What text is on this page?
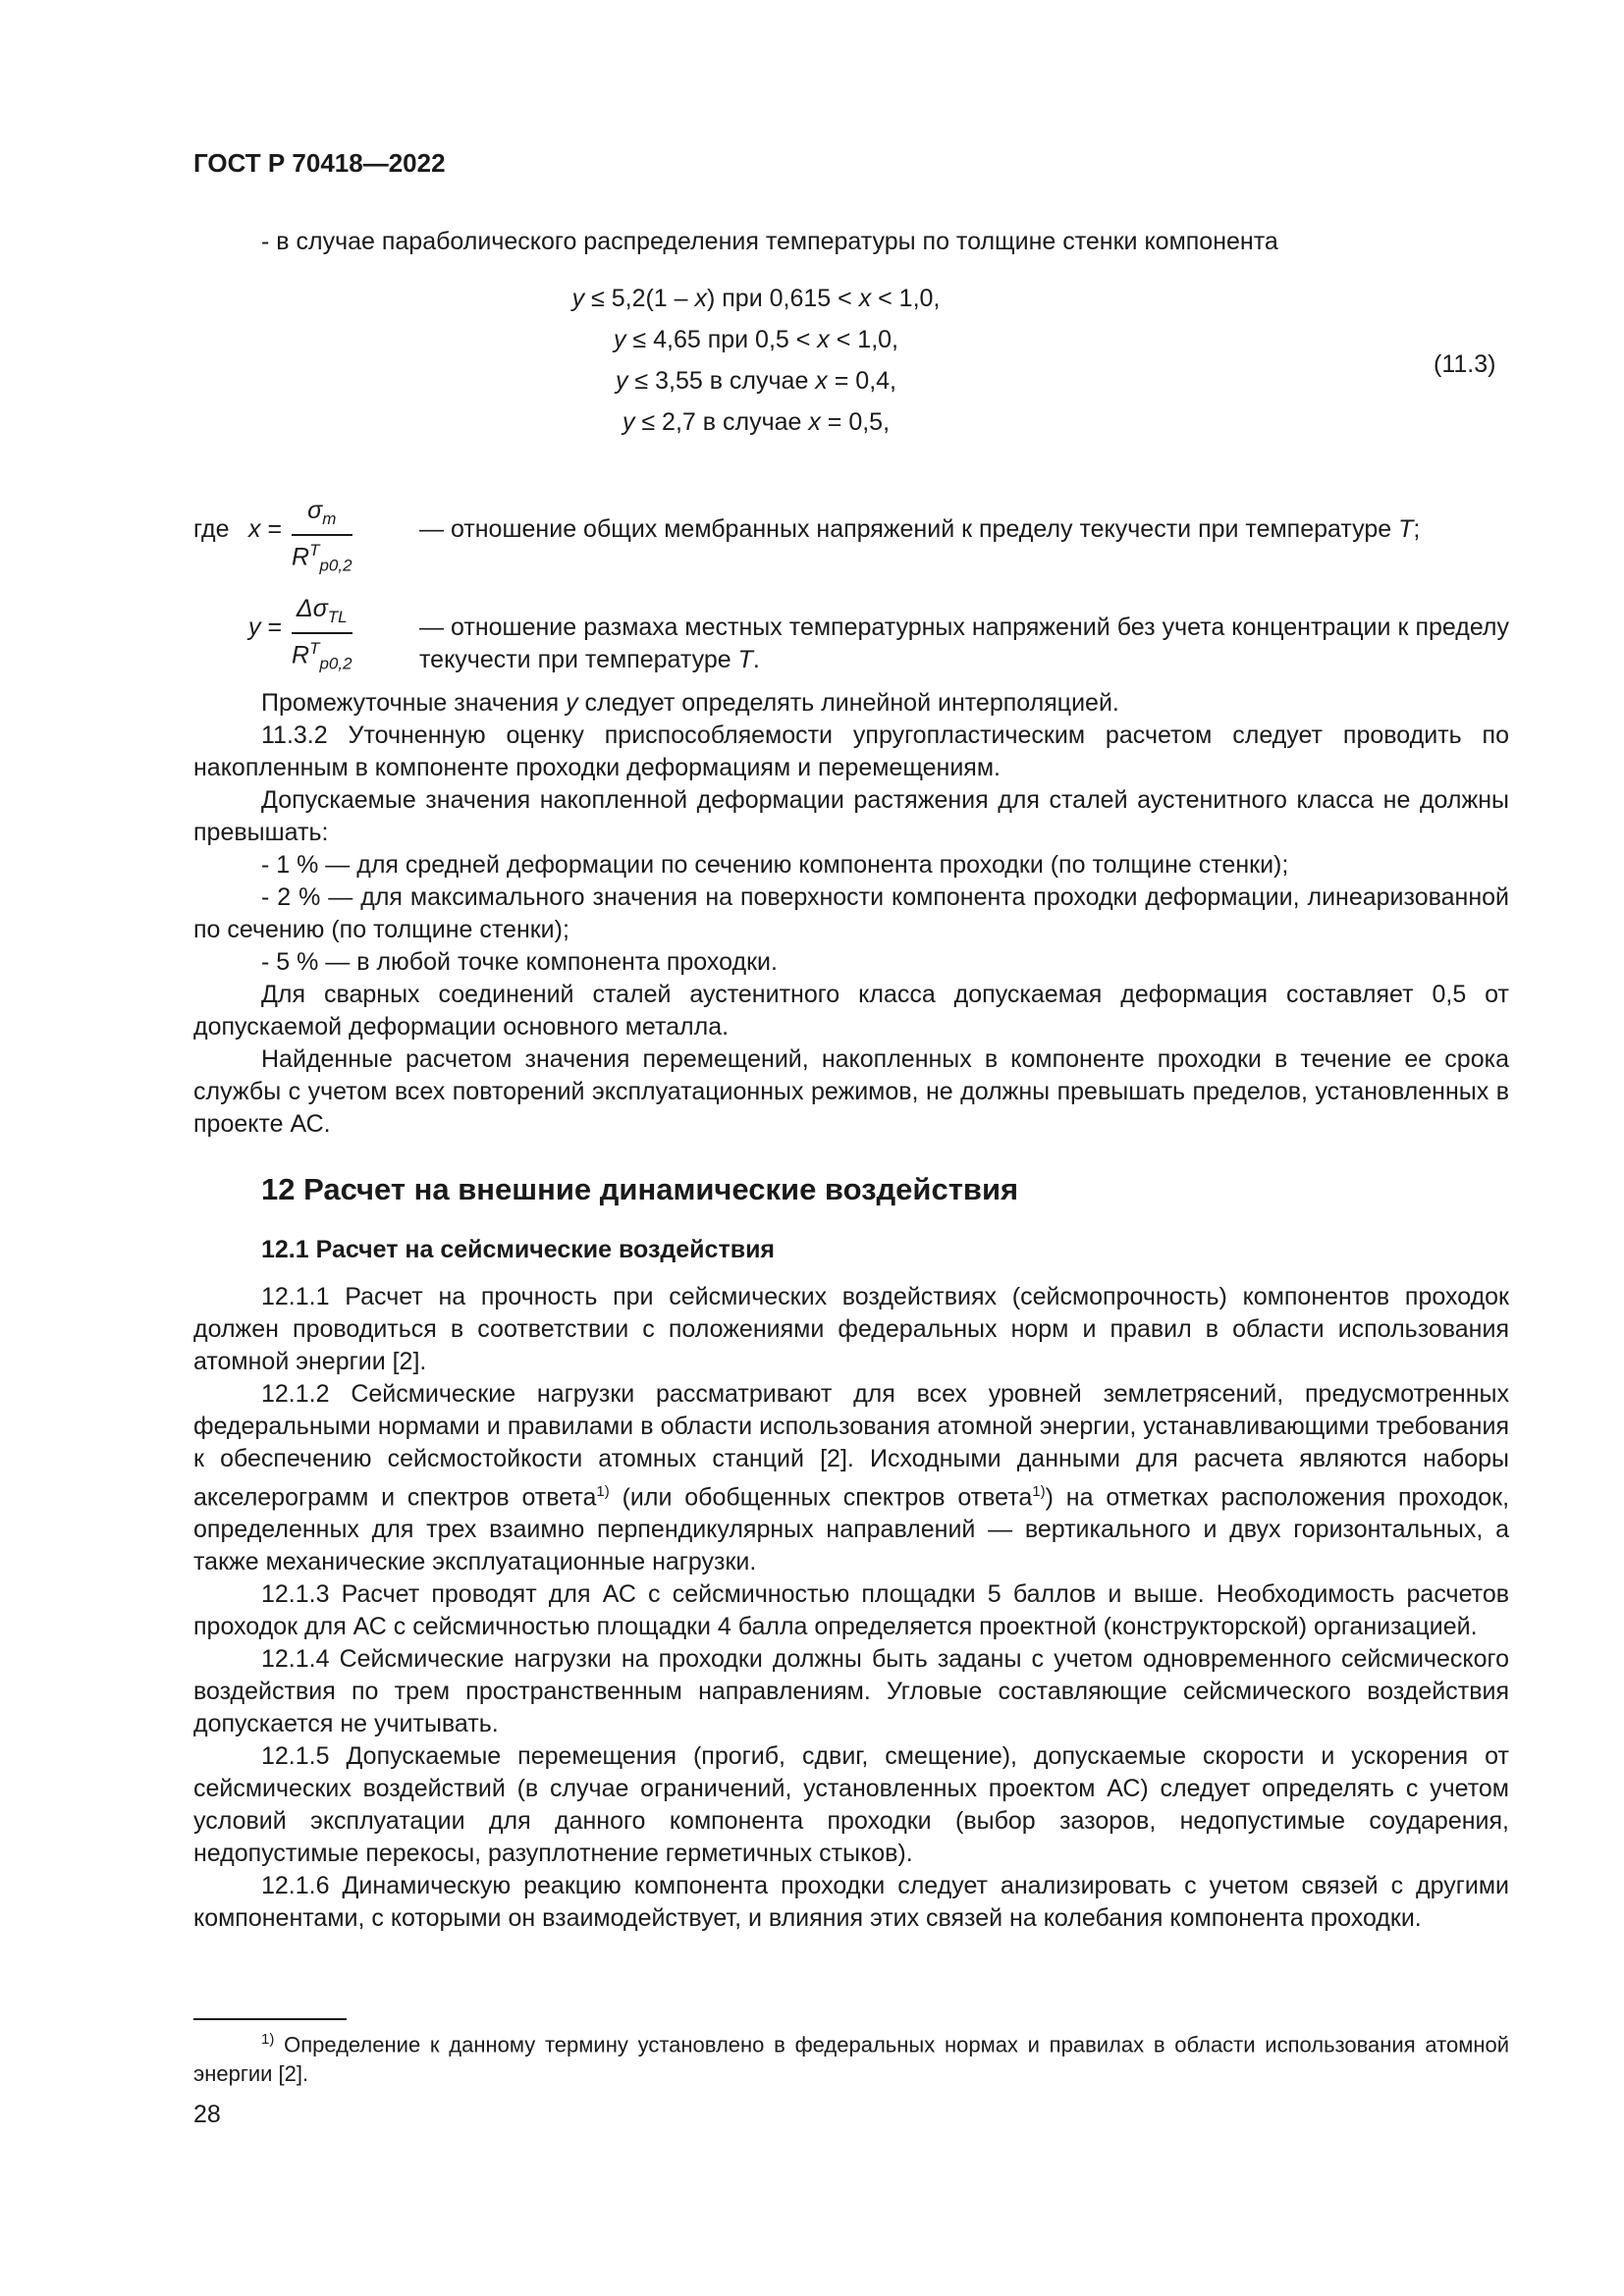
ГОСТ Р 70418—2022
- в случае параболического распределения температуры по толщине стенки компонента
y ≤ 5,2(1 – x) при 0,615 < x < 1,0,
y ≤ 4,65 при 0,5 < x < 1,0,
y ≤ 3,55 в случае x = 0,4,
y ≤ 2,7 в случае x = 0,5,
(11.3)
где x =
$\sigma_m$
$R^T_{p0,2}$
— отношение общих мембранных напряжений к пределу текучести при температуре T;
y =
$\Delta\sigma_{TL}$
$R^T_{p0,2}$
— отношение размаха местных температурных напряжений без учета концентрации к пределу текучести при температуре T.

Промежуточные значения у следует определять линейной интерполяцией.

11.3.2 Уточненную оценку приспособляемости упругопластическим расчетом следует проводить по накопленным в компоненте проходки деформациям и перемещениям.

Допускаемые значения накопленной деформации растяжения для сталей аустенитного класса не должны превышать:

- 1 % — для средней деформации по сечению компонента проходки (по толщине стенки);

- 2 % — для максимального значения на поверхности компонента проходки деформации, линеаризованной по сечению (по толщине стенки);

- 5 % — в любой точке компонента проходки.

Для сварных соединений сталей аустенитного класса допускаемая деформация составляет 0,5 от допускаемой деформации основного металла.

Найденные расчетом значения перемещений, накопленных в компоненте проходки в течение ее срока службы с учетом всех повторений эксплуатационных режимов, не должны превышать пределов, установленных в проекте АС.

12 Расчет на внешние динамические воздействия
12.1 Расчет на сейсмические воздействия

12.1.1 Расчет на прочность при сейсмических воздействиях (сейсмопрочность) компонентов проходок должен проводиться в соответствии с положениями федеральных норм и правил в области использования атомной энергии [2].

12.1.2 Сейсмические нагрузки рассматривают для всех уровней землетрясений, предусмотренных федеральными нормами и правилами в области использования атомной энергии, устанавливающими требования к обеспечению сейсмостойкости атомных станций [2]. Исходными данными для расчета являются наборы акселерограмм и спектров ответа$^{1)}$ (или обобщенных спектров ответа$^{1)}$) на отметках расположения проходок, определенных для трех взаимно перпендикулярных направлений — вертикального и двух горизонтальных, а также механические эксплуатационные нагрузки.

12.1.3 Расчет проводят для АС с сейсмичностью площадки 5 баллов и выше. Необходимость расчетов проходок для АС с сейсмичностью площадки 4 балла определяется проектной (конструкторской) организацией.

12.1.4 Сейсмические нагрузки на проходки должны быть заданы с учетом одновременного сейсмического воздействия по трем пространственным направлениям. Угловые составляющие сейсмического воздействия допускается не учитывать.

12.1.5 Допускаемые перемещения (прогиб, сдвиг, смещение), допускаемые скорости и ускорения от сейсмических воздействий (в случае ограничений, установленных проектом АС) следует определять с учетом условий эксплуатации для данного компонента проходки (выбор зазоров, недопустимые соударения, недопустимые перекосы, разуплотнение герметичных стыков).

12.1.6 Динамическую реакцию компонента проходки следует анализировать с учетом связей с другими компонентами, с которыми он взаимодействует, и влияния этих связей на колебания компонента проходки.

$^{1)}$ Определение к данному термину установлено в федеральных нормах и правилах в области использования атомной энергии [2].
28
